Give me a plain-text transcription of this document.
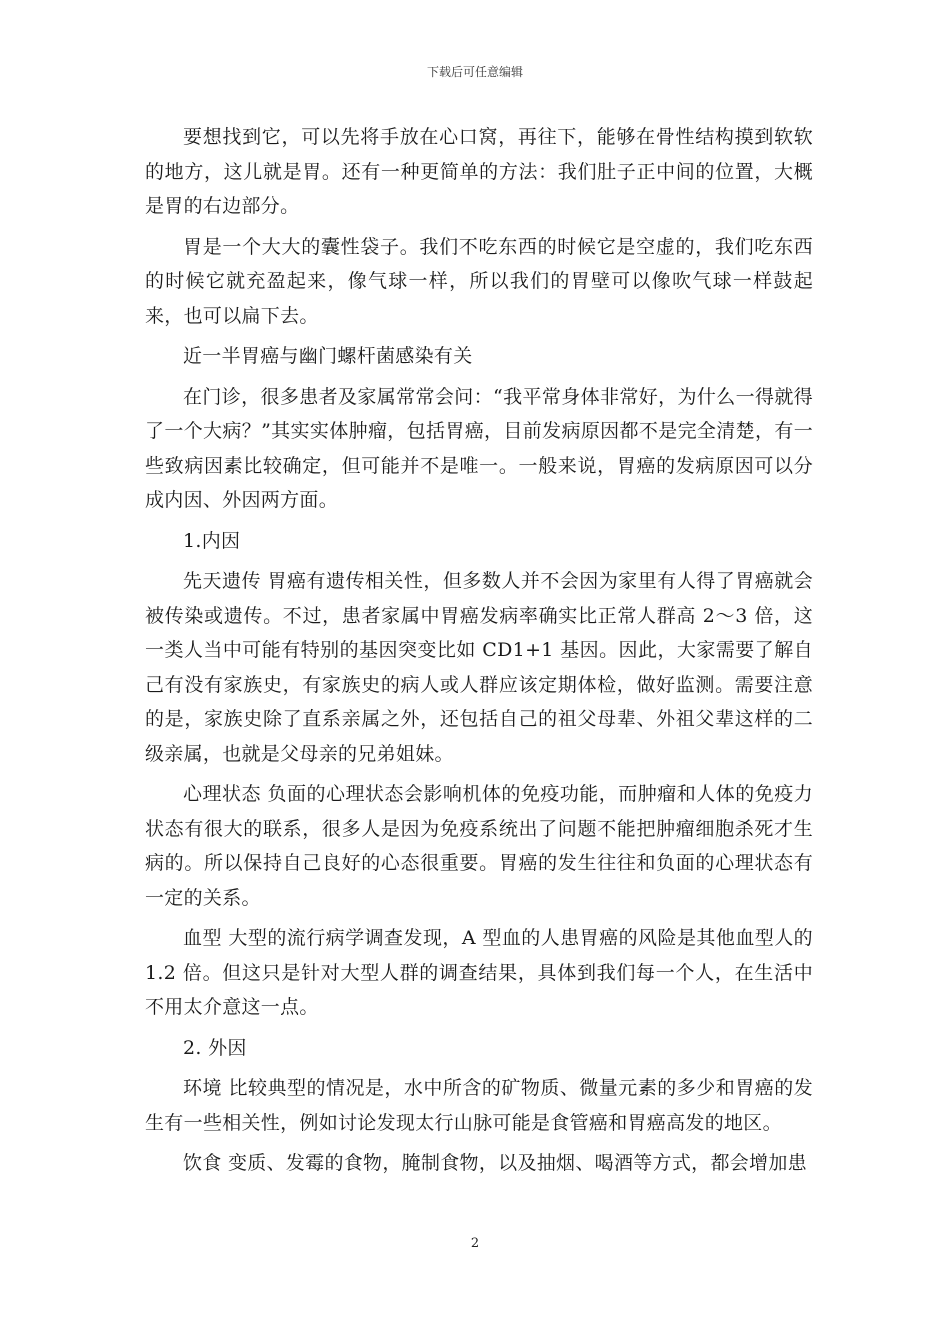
下载后可任意编辑

要想找到它，可以先将手放在心口窝，再往下，能够在骨性结构摸到软软的地方，这儿就是胃。还有一种更简单的方法：我们肚子正中间的位置，大概是胃的右边部分。

胃是一个大大的囊性袋子。我们不吃东西的时候它是空虚的，我们吃东西的时候它就充盈起来，像气球一样，所以我们的胃壁可以像吹气球一样鼓起来，也可以扁下去。

近一半胃癌与幽门螺杆菌感染有关

在门诊，很多患者及家属常常会问：“我平常身体非常好，为什么一得就得了一个大病？”其实实体肿瘤，包括胃癌，目前发病原因都不是完全清楚，有一些致病因素比较确定，但可能并不是唯一。一般来说，胃癌的发病原因可以分成内因、外因两方面。

1.内因

先天遗传 胃癌有遗传相关性，但多数人并不会因为家里有人得了胃癌就会被传染或遗传。不过，患者家属中胃癌发病率确实比正常人群高 2～3 倍，这一类人当中可能有特别的基因突变比如 CD1+1 基因。因此，大家需要了解自己有没有家族史，有家族史的病人或人群应该定期体检，做好监测。需要注意的是，家族史除了直系亲属之外，还包括自己的祖父母辈、外祖父辈这样的二级亲属，也就是父母亲的兄弟姐妹。

心理状态 负面的心理状态会影响机体的免疫功能，而肿瘤和人体的免疫力状态有很大的联系，很多人是因为免疫系统出了问题不能把肿瘤细胞杀死才生病的。所以保持自己良好的心态很重要。胃癌的发生往往和负面的心理状态有一定的关系。

血型 大型的流行病学调查发现，A 型血的人患胃癌的风险是其他血型人的 1.2 倍。但这只是针对大型人群的调查结果，具体到我们每一个人，在生活中不用太介意这一点。

2. 外因

环境 比较典型的情况是，水中所含的矿物质、微量元素的多少和胃癌的发生有一些相关性，例如讨论发现太行山脉可能是食管癌和胃癌高发的地区。

饮食 变质、发霉的食物，腌制食物，以及抽烟、喝酒等方式，都会增加患

2
